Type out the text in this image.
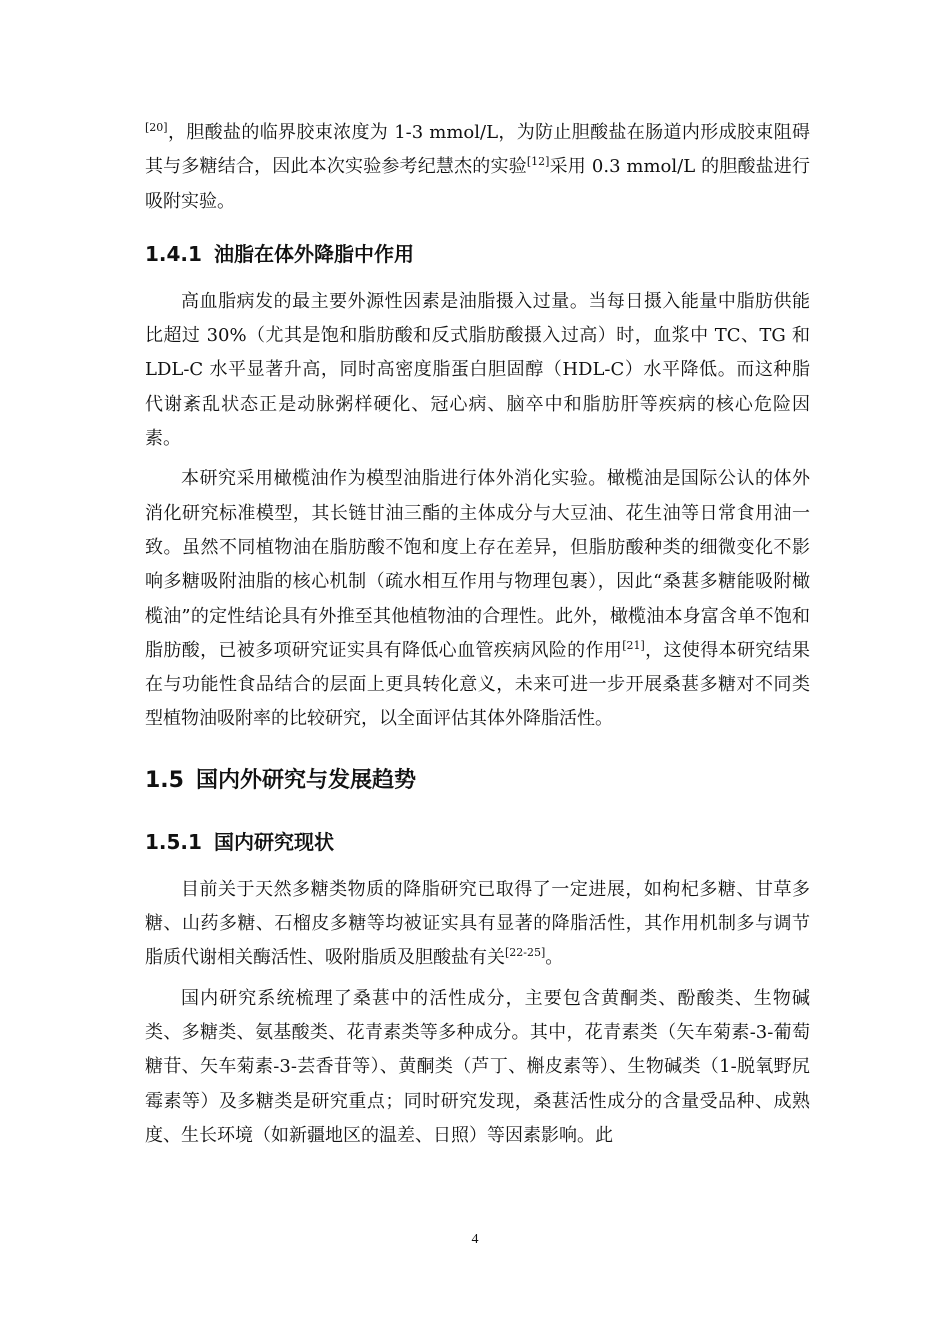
[20]，胆酸盐的临界胶束浓度为 1-3 mmol/L，为防止胆酸盐在肠道内形成胶束阻碍其与多糖结合，因此本次实验参考纪慧杰的实验[12]采用 0.3 mmol/L 的胆酸盐进行吸附实验。

1.4.1 油脂在体外降脂中作用

高血脂病发的最主要外源性因素是油脂摄入过量。当每日摄入能量中脂肪供能比超过 30%（尤其是饱和脂肪酸和反式脂肪酸摄入过高）时，血浆中 TC、TG 和 LDL-C 水平显著升高，同时高密度脂蛋白胆固醇（HDL-C）水平降低。而这种脂代谢紊乱状态正是动脉粥样硬化、冠心病、脑卒中和脂肪肝等疾病的核心危险因素。

本研究采用橄榄油作为模型油脂进行体外消化实验。橄榄油是国际公认的体外消化研究标准模型，其长链甘油三酯的主体成分与大豆油、花生油等日常食用油一致。虽然不同植物油在脂肪酸不饱和度上存在差异，但脂肪酸种类的细微变化不影响多糖吸附油脂的核心机制（疏水相互作用与物理包裹），因此“桑葚多糖能吸附橄榄油”的定性结论具有外推至其他植物油的合理性。此外，橄榄油本身富含单不饱和脂肪酸，已被多项研究证实具有降低心血管疾病风险的作用[21]，这使得本研究结果在与功能性食品结合的层面上更具转化意义，未来可进一步开展桑葚多糖对不同类型植物油吸附率的比较研究，以全面评估其体外降脂活性。

1.5 国内外研究与发展趋势
1.5.1 国内研究现状

目前关于天然多糖类物质的降脂研究已取得了一定进展，如枸杞多糖、甘草多糖、山药多糖、石榴皮多糖等均被证实具有显著的降脂活性，其作用机制多与调节脂质代谢相关酶活性、吸附脂质及胆酸盐有关[22-25]。

国内研究系统梳理了桑葚中的活性成分，主要包含黄酮类、酚酸类、生物碱类、多糖类、氨基酸类、花青素类等多种成分。其中，花青素类（矢车菊素-3-葡萄糖苷、矢车菊素-3-芸香苷等）、黄酮类（芦丁、槲皮素等）、生物碱类（1-脱氧野尻霉素等）及多糖类是研究重点；同时研究发现，桑葚活性成分的含量受品种、成熟度、生长环境（如新疆地区的温差、日照）等因素影响。此

4
